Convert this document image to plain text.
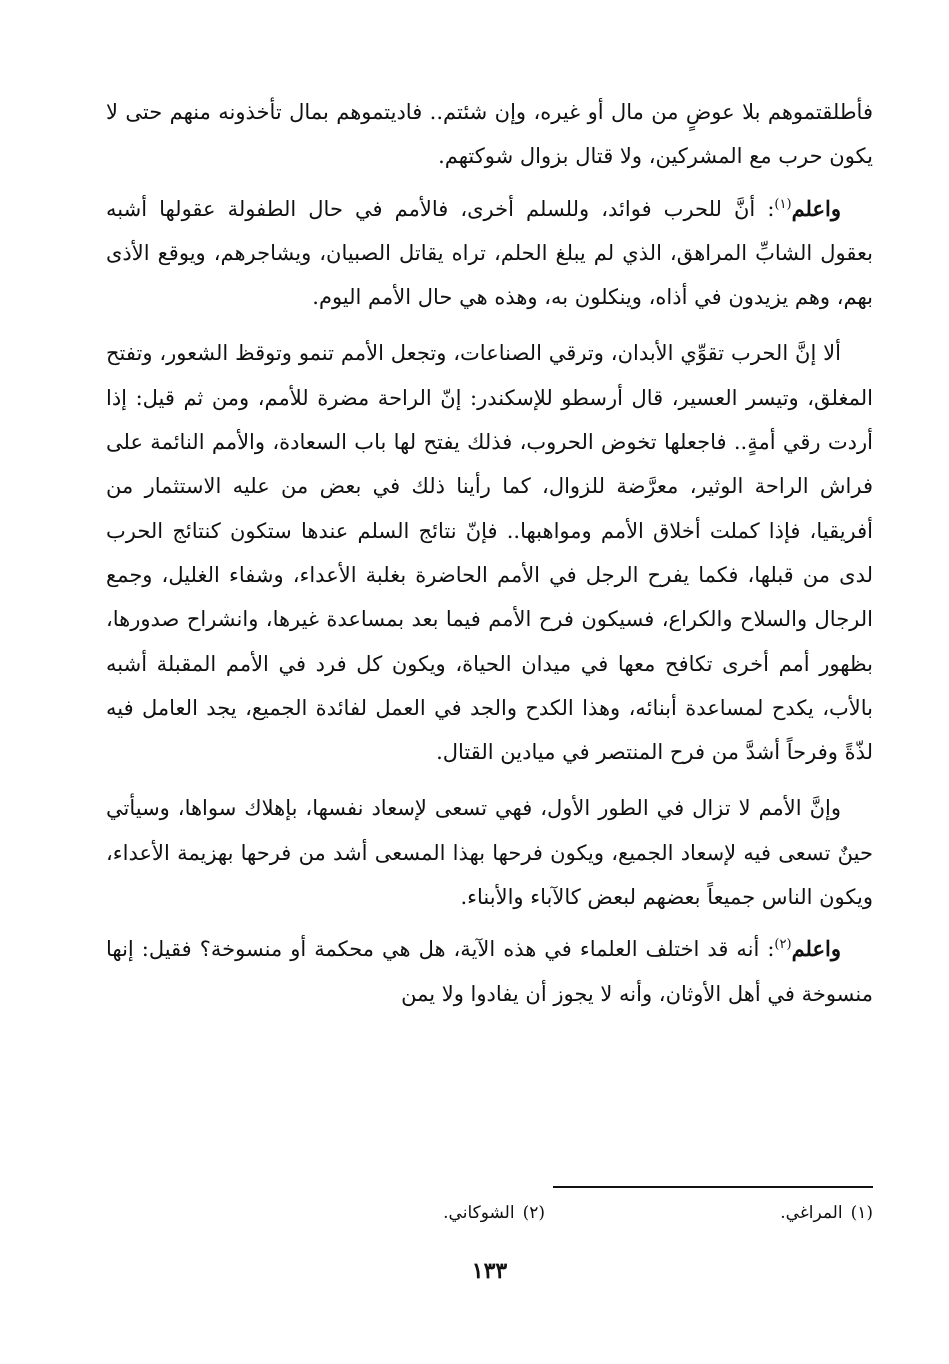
فأطلقتموهم بلا عوضٍ من مال أو غيره، وإن شئتم.. فاديتموهم بمال تأخذونه منهم حتى لا يكون حرب مع المشركين، ولا قتال بزوال شوكتهم.

واعلم$^{(١)}$: أنَّ للحرب فوائد، وللسلم أخرى، فالأمم في حال الطفولة عقولها أشبه بعقول الشابِّ المراهق، الذي لم يبلغ الحلم، تراه يقاتل الصبيان، ويشاجرهم، ويوقع الأذى بهم، وهم يزيدون في أذاه، وينكلون به، وهذه هي حال الأمم اليوم.

ألا إنَّ الحرب تقوِّي الأبدان، وترقي الصناعات، وتجعل الأمم تنمو وتوقظ الشعور، وتفتح المغلق، وتيسر العسير، قال أرسطو للإسكندر: إنّ الراحة مضرة للأمم، ومن ثم قيل: إذا أردت رقي أمةٍ.. فاجعلها تخوض الحروب، فذلك يفتح لها باب السعادة، والأمم النائمة على فراش الراحة الوثير، معرَّضة للزوال، كما رأينا ذلك في بعض من عليه الاستثمار من أفريقيا، فإذا كملت أخلاق الأمم ومواهبها.. فإنّ نتائج السلم عندها ستكون كنتائج الحرب لدى من قبلها، فكما يفرح الرجل في الأمم الحاضرة بغلبة الأعداء، وشفاء الغليل، وجمع الرجال والسلاح والكراع، فسيكون فرح الأمم فيما بعد بمساعدة غيرها، وانشراح صدورها، بظهور أمم أخرى تكافح معها في ميدان الحياة، ويكون كل فرد في الأمم المقبلة أشبه بالأب، يكدح لمساعدة أبنائه، وهذا الكدح والجد في العمل لفائدة الجميع، يجد العامل فيه لذّةً وفرحاً أشدَّ من فرح المنتصر في ميادين القتال.

وإنَّ الأمم لا تزال في الطور الأول، فهي تسعى لإسعاد نفسها، بإهلاك سواها، وسيأتي حينٌ تسعى فيه لإسعاد الجميع، ويكون فرحها بهذا المسعى أشد من فرحها بهزيمة الأعداء، ويكون الناس جميعاً بعضهم لبعض كالآباء والأبناء.

واعلم$^{(٢)}$: أنه قد اختلف العلماء في هذه الآية، هل هي محكمة أو منسوخة؟ فقيل: إنها منسوخة في أهل الأوثان، وأنه لا يجوز أن يفادوا ولا يمن

(١)المراغي.
(٢)الشوكاني.
١٣٣
